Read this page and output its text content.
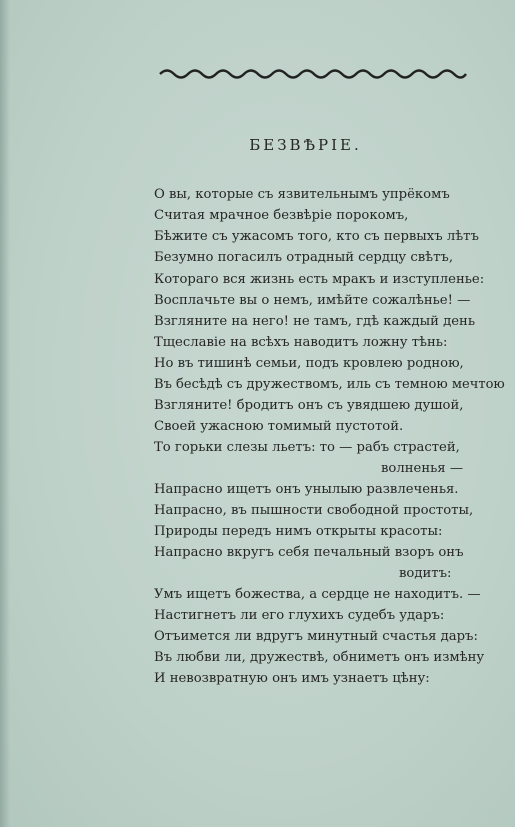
БЕЗВѢРІЕ.
О вы, которые съ язвительнымъ упрёкомъ
Считая мрачное безвѣріе порокомъ,
Бѣжите съ ужасомъ того, кто съ первыхъ лѣтъ
Безумно погасилъ отрадный сердцу свѣтъ,
Котораго вся жизнь есть мракъ и изступленье:
Восплачьте вы о немъ, имѣйте сожалѣнье! —
Взгляните на него! не тамъ, гдѣ каждый день
Тщеславіе на всѣхъ наводитъ ложну тѣнь:
Но въ тишинѣ семьи, подъ кровлею родною,
Въ бесѣдѣ съ дружествомъ, иль съ темною мечтою
Взгляните! бродитъ онъ съ увядшею душой,
Своей ужасною томимый пустотой.
То горьки слезы льетъ: то — рабъ страстей,
волненья —
Напрасно ищетъ онъ унылыю развлеченья.
Напрасно, въ пышности свободной простоты,
Природы передъ нимъ открыты красоты:
Напрасно вкругъ себя печальный взоръ онъ
водитъ:
Умъ ищетъ божества, а сердце не находитъ. —
Настигнетъ ли его глухихъ судебъ ударъ:
Отъимется ли вдругъ минутный счастья даръ:
Въ любви ли, дружествѣ, обниметъ онъ измѣну
И невозвратную онъ имъ узнаетъ цѣну:
